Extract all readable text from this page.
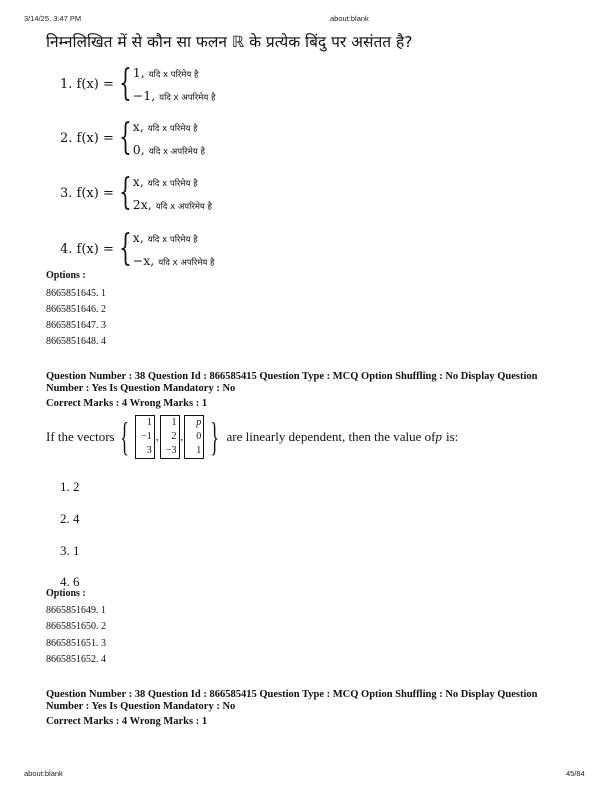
3/14/25, 3:47 PM	about:blank
निम्नलिखित में से कौन सा फलन ℝ के प्रत्येक बिंदु पर असंतत है?
1. f(x) = { 1, यदि x परिमेय है
−1, यदि x अपरिमेय है
2. f(x) = { x, यदि x परिमेय है
0, यदि x अपरिमेय है
3. f(x) = { x, यदि x परिमेय है
2x, यदि x अपरिमेय है
4. f(x) = { x, यदि x परिमेय है
−x, यदि x अपरिमेय है
Options :
8665851645. 1
8665851646. 2
8665851647. 3
8665851648. 4
Question Number : 38 Question Id : 866585415 Question Type : MCQ Option Shuffling : No Display Question
Number : Yes Is Question Mandatory : No
Correct Marks : 4 Wrong Marks : 1
If the vectors {	1
−1
3
,
1
2
−3
,
p
0
1 } are linearly dependent, then the value of p is:
1. 2
2. 4
3. 1
4. 6
Options :
8665851649. 1
8665851650. 2
8665851651. 3
8665851652. 4
Question Number : 38 Question Id : 866585415 Question Type : MCQ Option Shuffling : No Display Question
Number : Yes Is Question Mandatory : No
Correct Marks : 4 Wrong Marks : 1
about:blank	45/84
